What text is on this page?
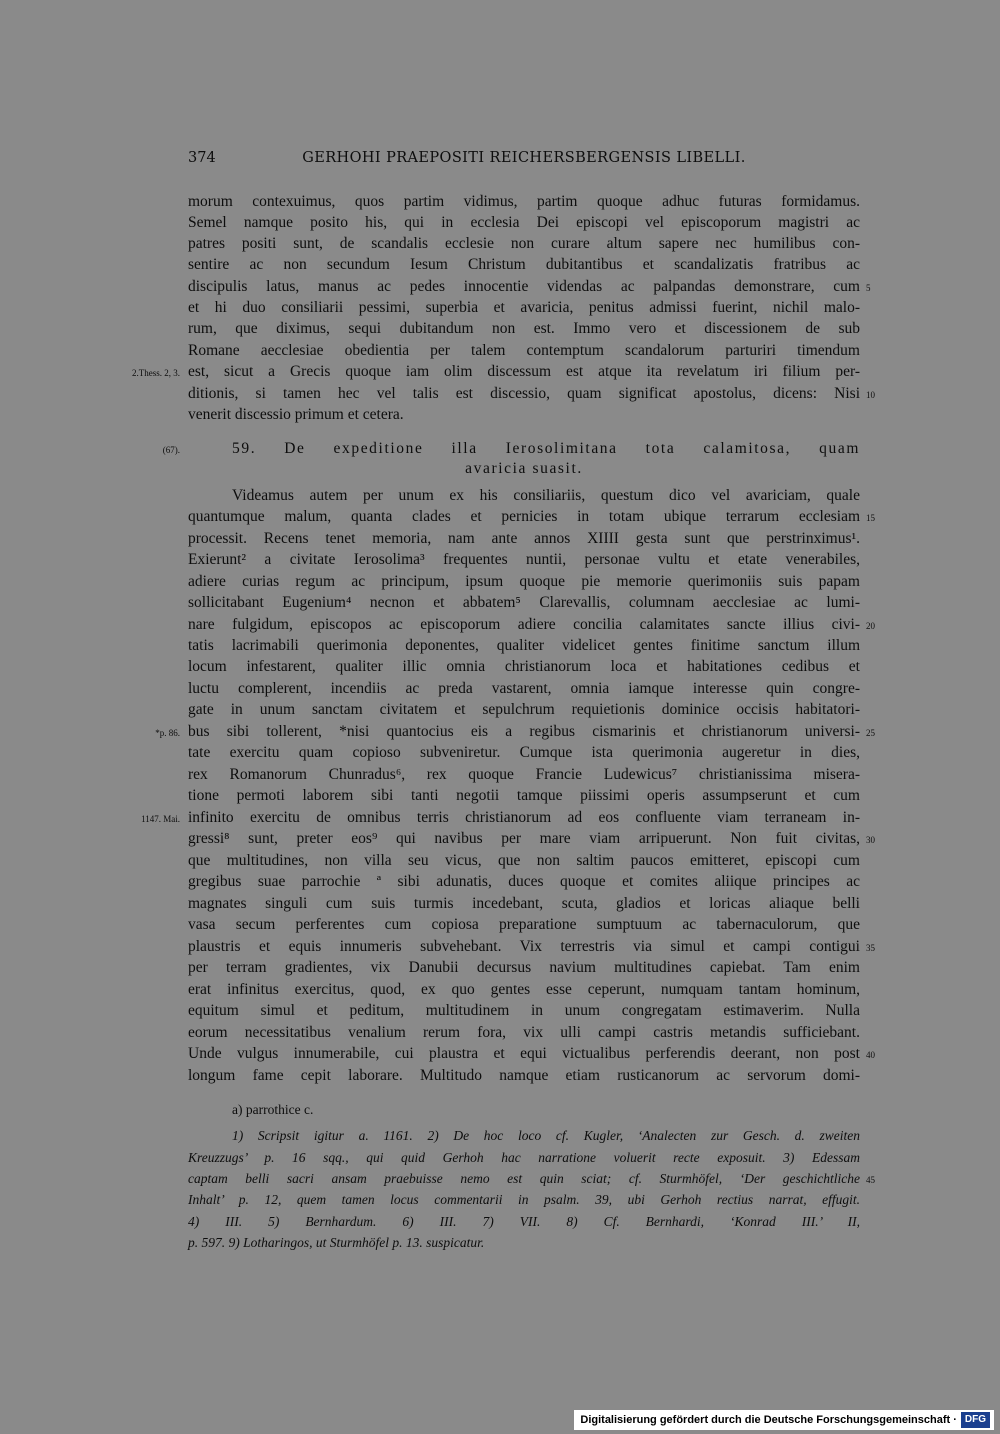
374	GERHOHI PRAEPOSITI REICHERSBERGENSIS LIBELLI.
morum contexuimus, quos partim vidimus, partim quoque adhuc futuras formidamus.
Semel namque posito his, qui in ecclesia Dei episcopi vel episcoporum magistri ac
patres positi sunt, de scandalis ecclesie non curare altum sapere nec humilibus con-
sentire ac non secundum Iesum Christum dubitantibus et scandalizatis fratribus ac
discipulis latus, manus ac pedes innocentie videndas ac palpandas demonstrare, cum
et hi duo consiliarii pessimi, superbia et avaricia, penitus admissi fuerint, nichil malo-
rum, que diximus, sequi dubitandum non est. Immo vero et discessionem de sub
Romane aecclesiae obedientia per talem contemptum scandalorum parturiri timendum
est, sicut a Grecis quoque iam olim discessum est atque ita revelatum iri filium per-
ditionis, si tamen hec vel talis est discessio, quam significat apostolus, dicens: Nisi
venerit discessio primum et cetera.
59. De expeditione illa Ierosolimitana tota calamitosa, quam
avaricia suasit.
Videamus autem per unum ex his consiliariis, questum dico vel avariciam, quale
quantumque malum, quanta clades et pernicies in totam ubique terrarum ecclesiam
processit. Recens tenet memoria, nam ante annos XIIII gesta sunt que perstrinximus¹.
Exierunt² a civitate Ierosolima³ frequentes nuntii, personae vultu et etate venerabiles,
adiere curias regum ac principum, ipsum quoque pie memorie querimoniis suis papam
sollicitabant Eugenium⁴ necnon et abbatem⁵ Clarevallis, columnam aecclesiae ac lumi-
nare fulgidum, episcopos ac episcoporum adiere concilia calamitates sancte illius civi-
tatis lacrimabili querimonia deponentes, qualiter videlicet gentes finitime sanctum illum
locum infestarent, qualiter illic omnia christianorum loca et habitationes cedibus et
luctu complerent, incendiis ac preda vastarent, omnia iamque interesse quin congre-
gate in unum sanctam civitatem et sepulchrum requietionis dominice occisis habitatori-
bus sibi tollerent, *nisi quantocius eis a regibus cismarinis et christianorum universi-
tate exercitu quam copioso subveniretur. Cumque ista querimonia augeretur in dies,
rex Romanorum Chunradus⁶, rex quoque Francie Ludewicus⁷ christianissima misera-
tione permoti laborem sibi tanti negotii tamque piissimi operis assumpserunt et cum
infinito exercitu de omnibus terris christianorum ad eos confluente viam terraneam in-
gressi⁸ sunt, preter eos⁹ qui navibus per mare viam arripuerunt. Non fuit civitas,
que multitudines, non villa seu vicus, que non saltim paucos emitteret, episcopi cum
gregibus suae parrochie ª sibi adunatis, duces quoque et comites aliique principes ac
magnates singuli cum suis turmis incedebant, scuta, gladios et loricas aliaque belli
vasa secum perferentes cum copiosa preparatione sumptuum ac tabernaculorum, que
plaustris et equis innumeris subvehebant. Vix terrestris via simul et campi contigui
per terram gradientes, vix Danubii decursus navium multitudines capiebat. Tam enim
erat infinitus exercitus, quod, ex quo gentes esse ceperunt, numquam tantam hominum,
equitum simul et peditum, multitudinem in unum congregatam estimaverim. Nulla
eorum necessitatibus venalium rerum fora, vix ulli campi castris metandis sufficiebant.
Unde vulgus innumerabile, cui plaustra et equi victualibus perferendis deerant, non post
longum fame cepit laborare. Multitudo namque etiam rusticanorum ac servorum domi-
2.Thess. 2, 3.
(67).
*p. 86.
1147. Mai.
5
10
15
20
25
30
35
40
45
a) parrothice c.
1) Scripsit igitur a. 1161. 2) De hoc loco cf. Kugler, ‘Analecten zur Gesch. d. zweiten
Kreuzzugs’ p. 16 sqq., qui quid Gerhoh hac narratione voluerit recte exposuit. 3) Edessam
captam belli sacri ansam praebuisse nemo est quin sciat; cf. Sturmhöfel, ‘Der geschichtliche
Inhalt’ p. 12, quem tamen locus commentarii in psalm. 39, ubi Gerhoh rectius narrat, effugit.
4) III. 5) Bernhardum. 6) III. 7) VII. 8) Cf. Bernhardi, ‘Konrad III.’ II,
p. 597. 9) Lotharingos, ut Sturmhöfel p. 13. suspicatur.
Digitalisierung gefördert durch die Deutsche Forschungsgemeinschaft · DFG
